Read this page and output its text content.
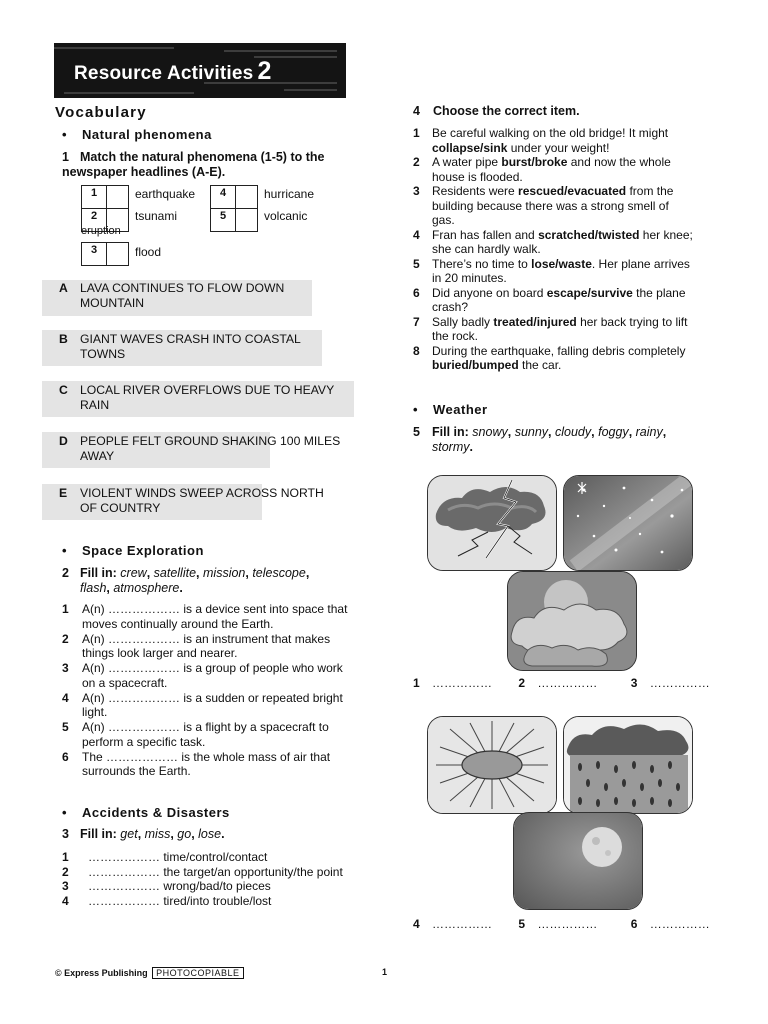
Resource Activities 2
Vocabulary
• Natural phenomena
1 Match the natural phenomena (1-5) to the newspaper headlines (A-E).
1	earthquake	4	hurricane
2	tsunami	5	volcanic
eruption
3	flood
A LAVA CONTINUES TO FLOW DOWN
MOUNTAIN
B GIANT WAVES CRASH INTO COASTAL
TOWNS
C LOCAL RIVER OVERFLOWS DUE TO HEAVY
RAIN
D PEOPLE FELT GROUND SHAKING 100 MILES
AWAY
E VIOLENT WINDS SWEEP ACROSS NORTH
OF COUNTRY
• Space Exploration
2 Fill in: crew, satellite, mission, telescope,
flash, atmosphere.
1 A(n) ……………… is a device sent into space that
moves continually around the Earth.
2 A(n) ……………… is an instrument that makes
things look larger and nearer.
3 A(n) ……………… is a group of people who work
on a spacecraft.
4 A(n) ……………… is a sudden or repeated bright
light.
5 A(n) ……………… is a flight by a spacecraft to
perform a specific task.
6 The ……………… is the whole mass of air that
surrounds the Earth.
• Accidents & Disasters
3 Fill in: get, miss, go, lose.
1 ……………… time/control/contact
2 ……………… the target/an opportunity/the point
3 ……………… wrong/bad/to pieces
4 ……………… tired/into trouble/lost
4 Choose the correct item.
1 Be careful walking on the old bridge! It might
collapse/sink under your weight!
2 A water pipe burst/broke and now the whole
house is flooded.
3 Residents were rescued/evacuated from the
building because there was a strong smell of
gas.
4 Fran has fallen and scratched/twisted her knee;
she can hardly walk.
5 There’s no time to lose/waste. Her plane arrives
in 20 minutes.
6 Did anyone on board escape/survive the plane
crash?
7 Sally badly treated/injured her back trying to lift
the rock.
8 During the earthquake, falling debris completely
buried/bumped the car.
• Weather
5 Fill in: snowy, sunny, cloudy, foggy, rainy,
stormy.
1 …………… 2 ……………	3 ……………
4 …………… 5 ……………	6 ……………
© Express Publishing PHOTOCOPIABLE	1
